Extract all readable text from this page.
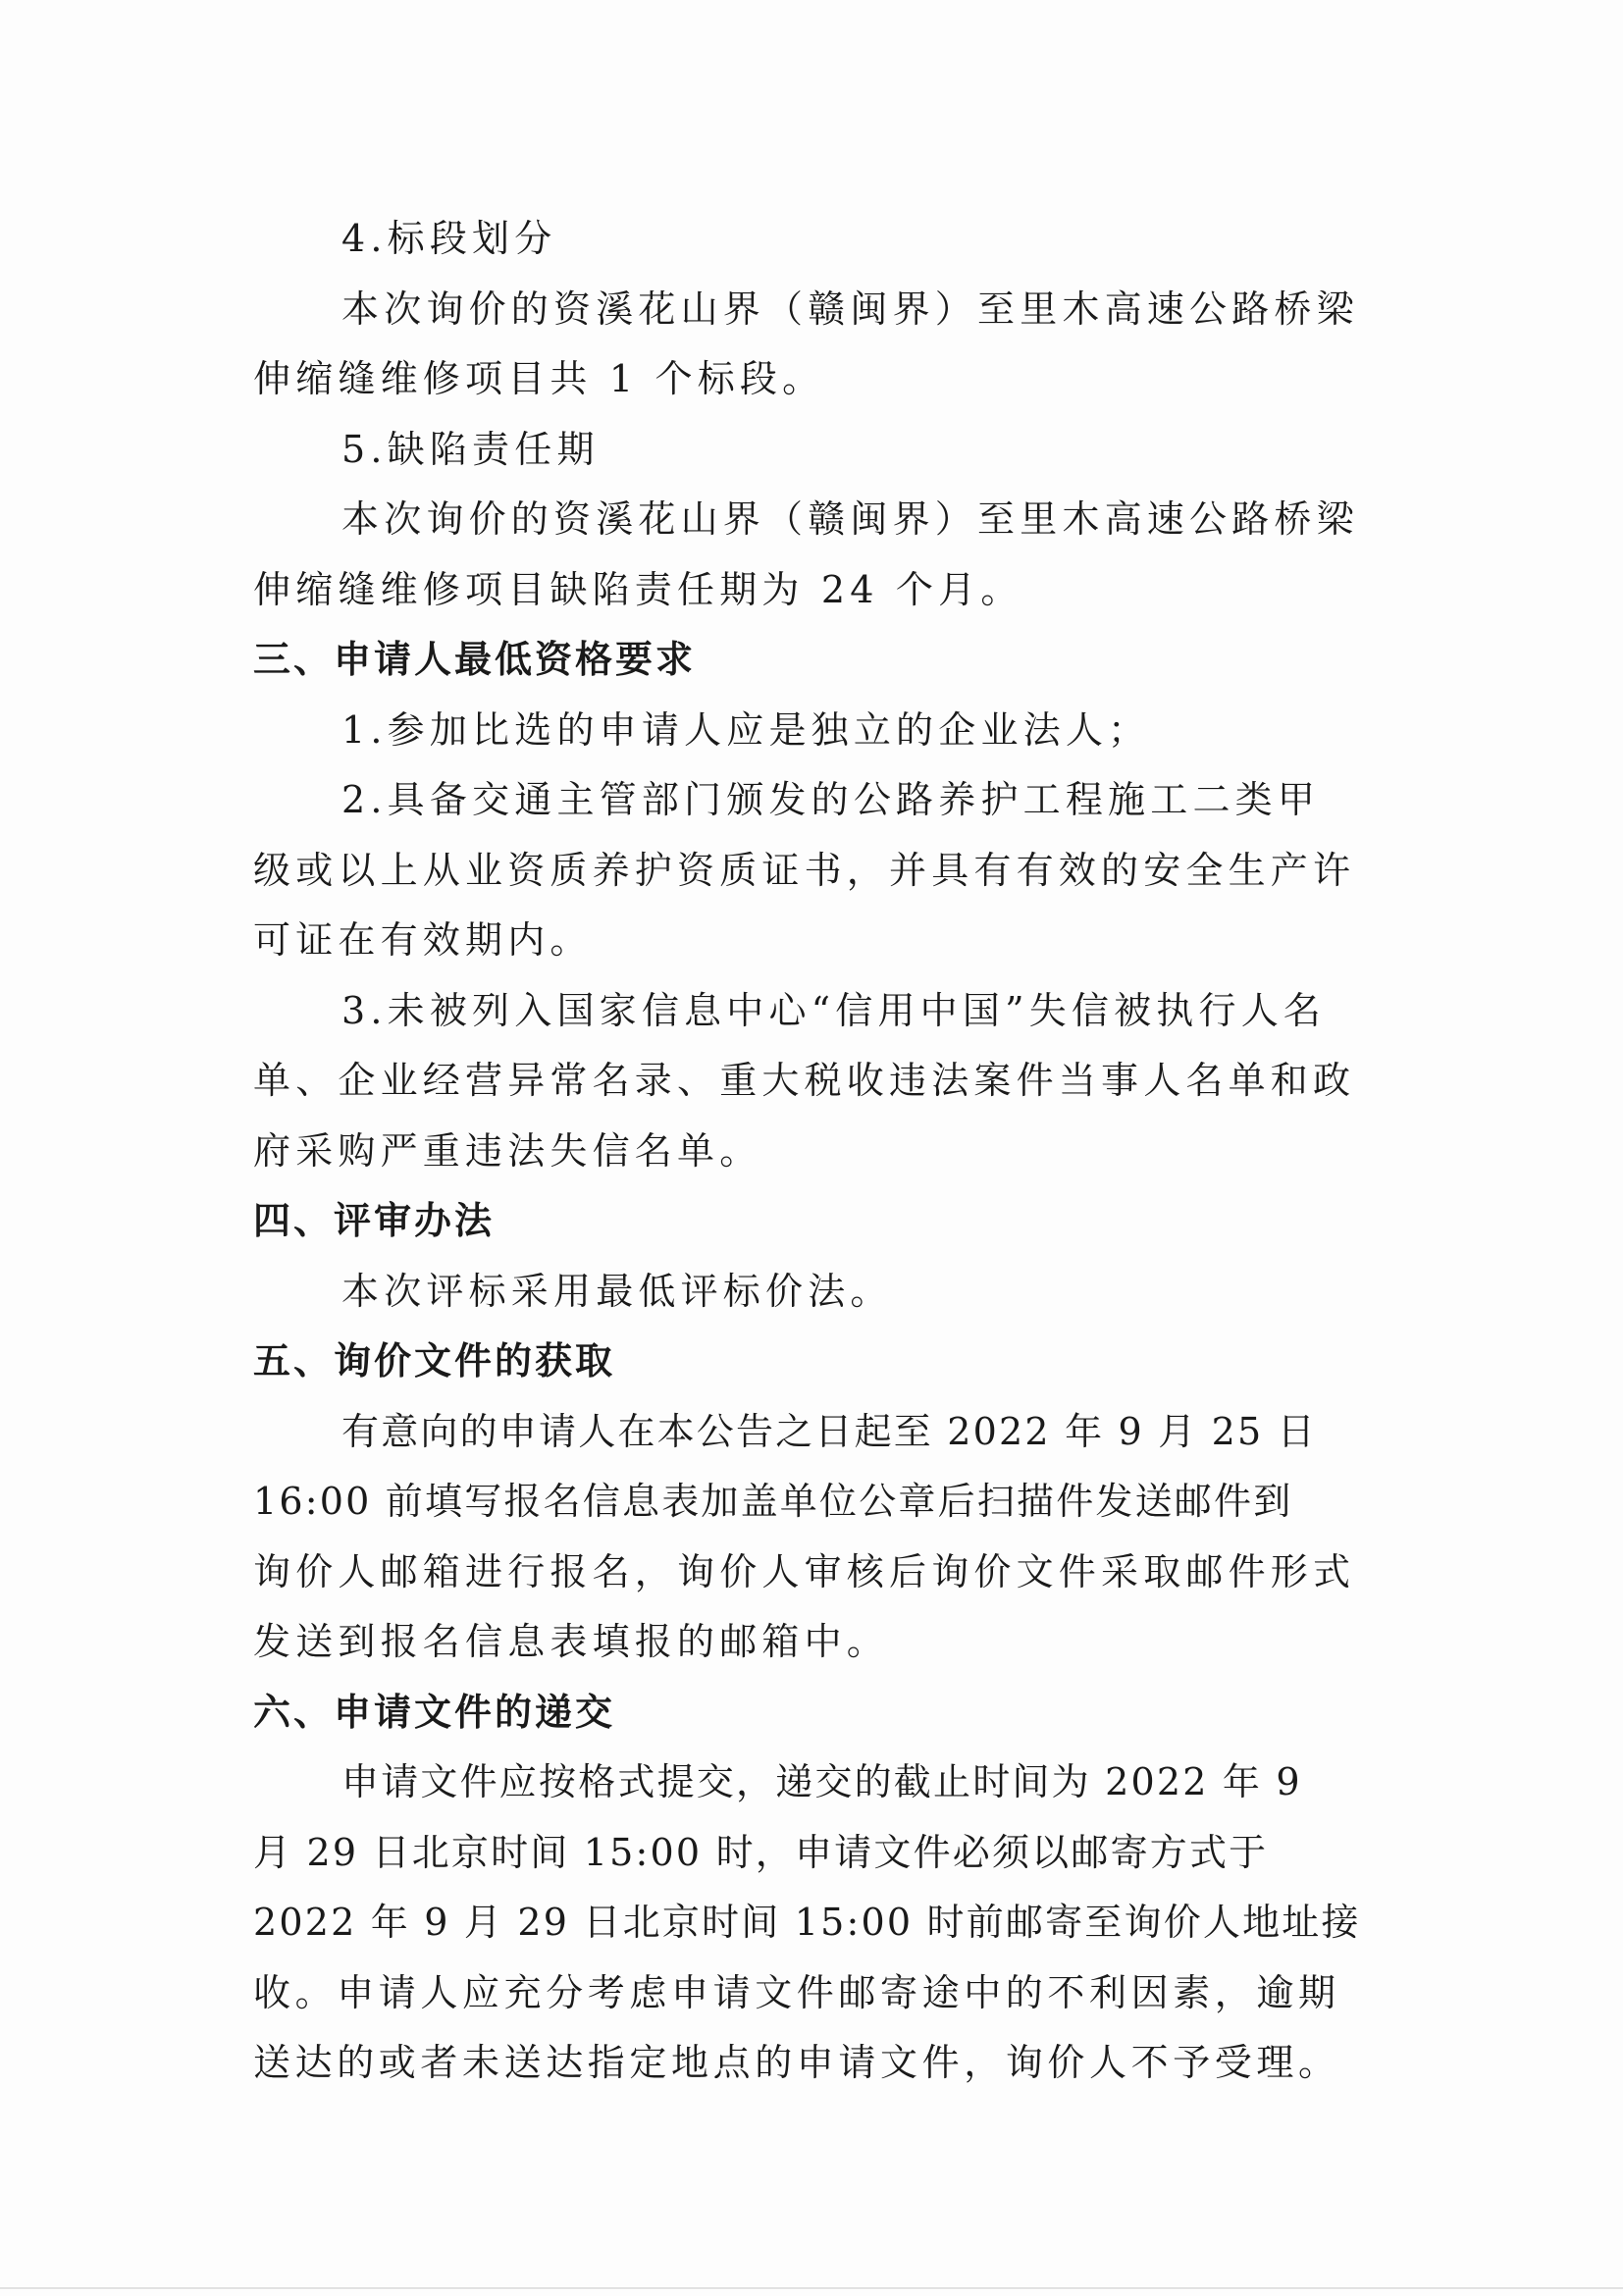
4.标段划分
本次询价的资溪花山界（赣闽界）至里木高速公路桥梁
伸缩缝维修项目共 1 个标段。
5.缺陷责任期
本次询价的资溪花山界（赣闽界）至里木高速公路桥梁
伸缩缝维修项目缺陷责任期为 24 个月。
三、申请人最低资格要求
1.参加比选的申请人应是独立的企业法人；
2.具备交通主管部门颁发的公路养护工程施工二类甲
级或以上从业资质养护资质证书，并具有有效的安全生产许
可证在有效期内。
3.未被列入国家信息中心“信用中国”失信被执行人名
单、企业经营异常名录、重大税收违法案件当事人名单和政
府采购严重违法失信名单。
四、评审办法
本次评标采用最低评标价法。
五、询价文件的获取
有意向的申请人在本公告之日起至 2022 年 9 月 25 日
16:00 前填写报名信息表加盖单位公章后扫描件发送邮件到
询价人邮箱进行报名，询价人审核后询价文件采取邮件形式
发送到报名信息表填报的邮箱中。
六、申请文件的递交
申请文件应按格式提交，递交的截止时间为 2022 年 9
月 29 日北京时间 15:00 时，申请文件必须以邮寄方式于
2022 年 9 月 29 日北京时间 15:00 时前邮寄至询价人地址接
收。申请人应充分考虑申请文件邮寄途中的不利因素，逾期
送达的或者未送达指定地点的申请文件，询价人不予受理。
